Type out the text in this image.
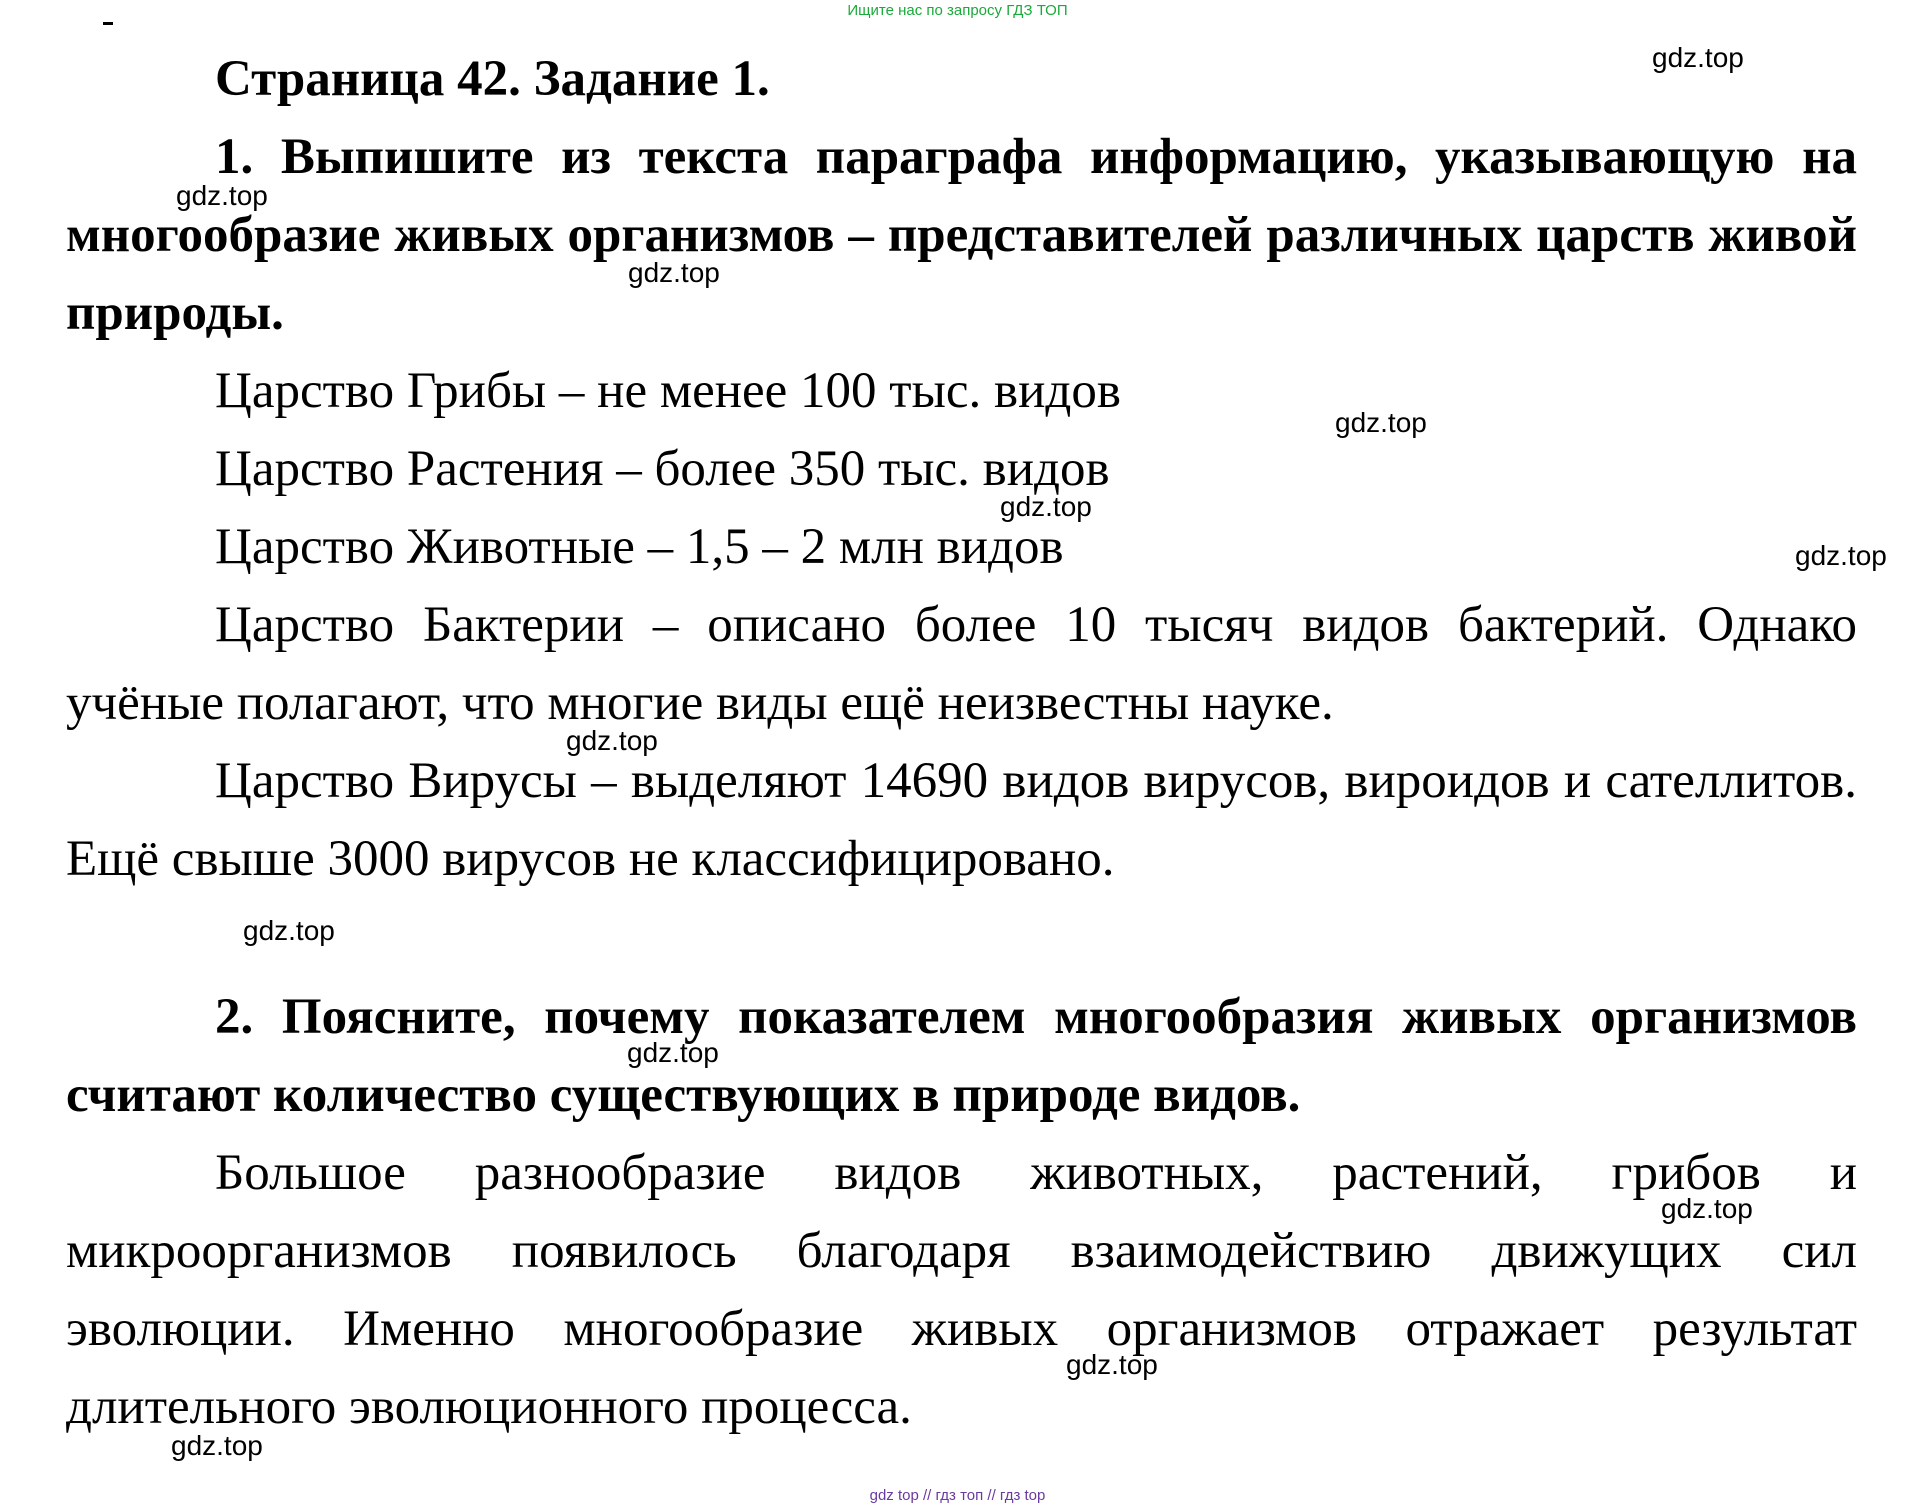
Ищите нас по запросу ГДЗ ТОП

Страница 42. Задание 1.

1. Выпишите из текста параграфа информацию, указывающую на многообразие живых организмов – представителей различных царств живой природы.

Царство Грибы – не менее 100 тыс. видов

Царство Растения – более 350 тыс. видов

Царство Животные – 1,5 – 2 млн видов

Царство Бактерии – описано более 10 тысяч видов бактерий. Однако учёные полагают, что многие виды ещё неизвестны науке.

Царство Вирусы – выделяют 14690 видов вирусов, вироидов и сателлитов. Ещё свыше 3000 вирусов не классифицировано.

2. Поясните, почему показателем многообразия живых организмов считают количество существующих в природе видов.

Большое разнообразие видов животных, растений, грибов и микроорганизмов появилось благодаря взаимодействию движущих сил эволюции. Именно многообразие живых организмов отражает результат длительного эволюционного процесса.

gdz.top
gdz.top
gdz.top
gdz.top
gdz.top
gdz.top
gdz.top
gdz.top
gdz.top
gdz.top
gdz.top
gdz.top
gdz top // гдз топ // гдз top
